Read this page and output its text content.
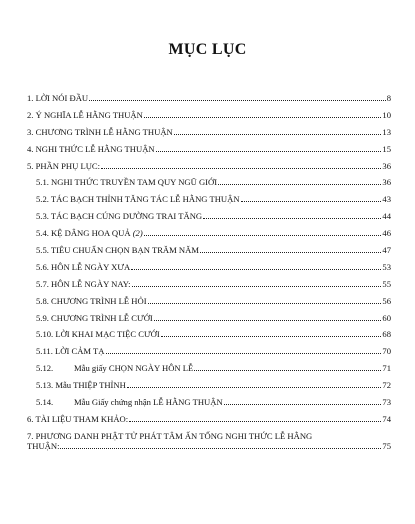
MỤC LỤC
1. LỜI NÓI ĐẦU	8
2. Ý NGHĨA LỄ HẰNG THUẬN	10
3. CHƯƠNG TRÌNH LỄ HẰNG THUẬN	13
4. NGHI THỨC LỄ HẰNG THUẬN	15
5. PHẦN PHỤ LỤC:	36
5.1. NGHI THỨC TRUYỀN TAM QUY NGŨ GIỚI	36
5.2. TÁC BẠCH THỈNH TĂNG TÁC LỄ HẰNG THUẬN	43
5.3. TÁC BẠCH CÚNG DƯỜNG TRAI TĂNG	44
5.4. KỆ DÂNG HOA QUẢ (2)	46
5.5. TIÊU CHUẨN CHỌN BẠN TRĂM NĂM	47
5.6. HÔN LỄ NGÀY XƯA	53
5.7. HÔN LỄ NGÀY NAY:	55
5.8. CHƯƠNG TRÌNH LỄ HỎI	56
5.9. CHƯƠNG TRÌNH LỄ CƯỚI	60
5.10. LỜI KHAI MẠC TIỆC CƯỚI	68
5.11. LỜI CẢM TẠ	70
5.12. Mẫu giấy CHỌN NGÀY HÔN LỄ	71
5.13. Mẫu THIỆP THỈNH	72
5.14. Mẫu Giấy chứng nhận LỄ HẰNG THUẬN	73
6. TÀI LIỆU THAM KHẢO:	74
7. PHƯƠNG DANH PHẬT TỬ PHÁT TÂM ẤN TỐNG NGHI THỨC LỄ HẰNG
THUẬN:	75
